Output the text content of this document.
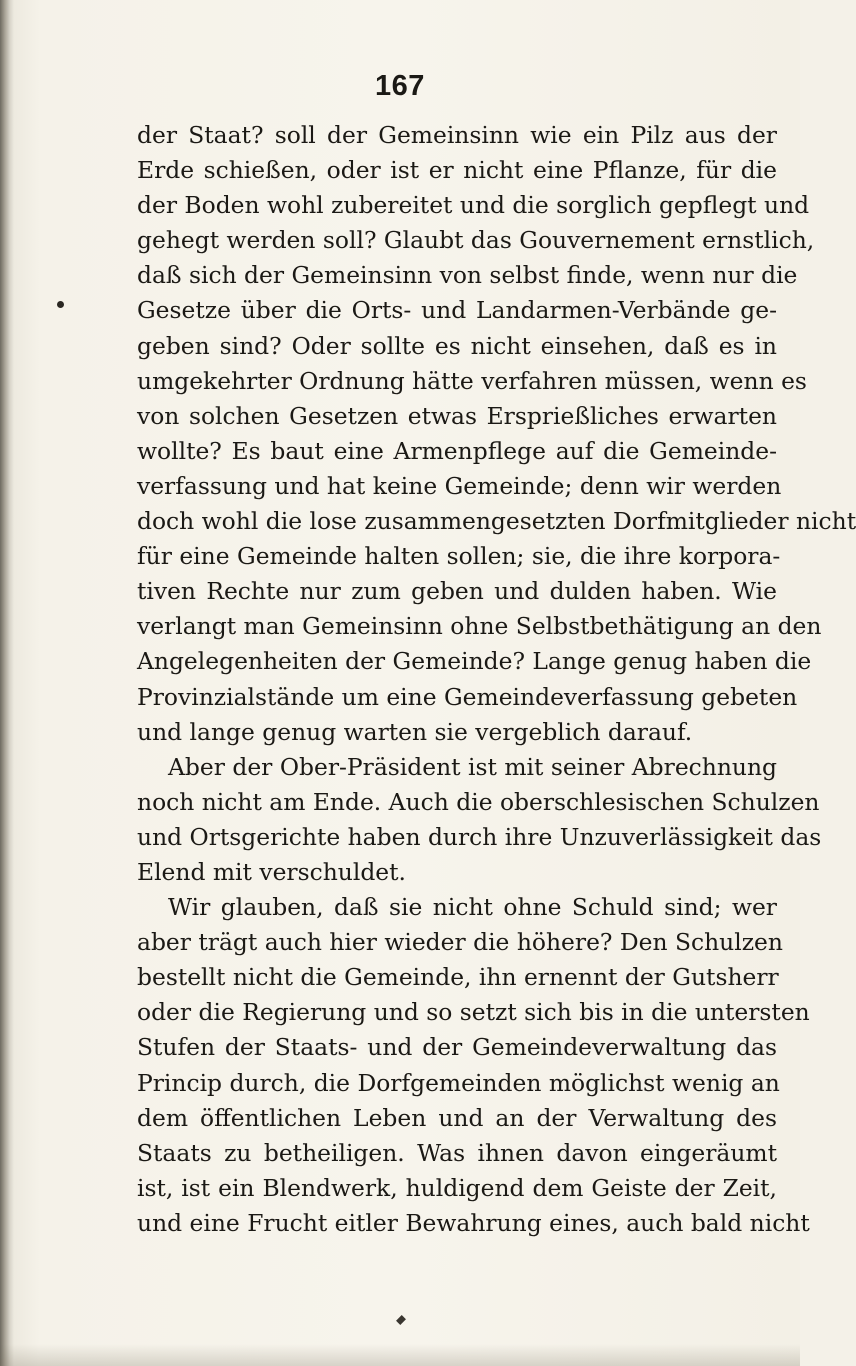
167
der Staat? soll der Gemeinsinn wie ein Pilz aus der
Erde schießen, oder ist er nicht eine Pflanze, für die
der Boden wohl zubereitet und die sorglich gepflegt und
gehegt werden soll? Glaubt das Gouvernement ernstlich,
daß sich der Gemeinsinn von selbst finde, wenn nur die
Gesetze über die Orts- und Landarmen-Verbände ge-
geben sind? Oder sollte es nicht einsehen, daß es in
umgekehrter Ordnung hätte verfahren müssen, wenn es
von solchen Gesetzen etwas Ersprießliches erwarten
wollte? Es baut eine Armenpflege auf die Gemeinde-
verfassung und hat keine Gemeinde; denn wir werden
doch wohl die lose zusammengesetzten Dorfmitglieder nicht
für eine Gemeinde halten sollen; sie, die ihre korpora-
tiven Rechte nur zum geben und dulden haben. Wie
verlangt man Gemeinsinn ohne Selbstbethätigung an den
Angelegenheiten der Gemeinde? Lange genug haben die
Provinzialstände um eine Gemeindeverfassung gebeten
und lange genug warten sie vergeblich darauf.
Aber der Ober-Präsident ist mit seiner Abrechnung
noch nicht am Ende. Auch die oberschlesischen Schulzen
und Ortsgerichte haben durch ihre Unzuverlässigkeit das
Elend mit verschuldet.
Wir glauben, daß sie nicht ohne Schuld sind; wer
aber trägt auch hier wieder die höhere? Den Schulzen
bestellt nicht die Gemeinde, ihn ernennt der Gutsherr
oder die Regierung und so setzt sich bis in die untersten
Stufen der Staats- und der Gemeindeverwaltung das
Princip durch, die Dorfgemeinden möglichst wenig an
dem öffentlichen Leben und an der Verwaltung des
Staats zu betheiligen. Was ihnen davon eingeräumt
ist, ist ein Blendwerk, huldigend dem Geiste der Zeit,
und eine Frucht eitler Bewahrung eines, auch bald nicht
